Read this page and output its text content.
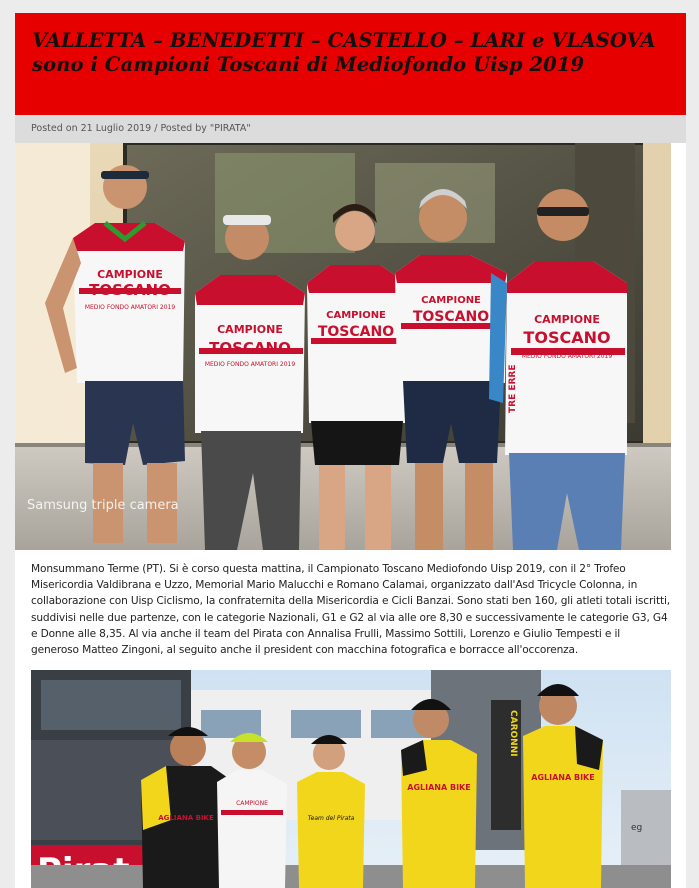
VALLETTA – BENEDETTI – CASTELLO – LARI e VLASOVA sono i Campioni Toscani di Mediofondo Uisp 2019
Posted on 21 Luglio 2019 / Posted by "PIRATA"
CAMPIONE
TOSCANO
MEDIO FONDO AMATORI 2019
CAMPIONE
TOSCANO
MEDIO FONDO AMATORI 2019
CAMPIONE
TOSCANO
CAMPIONE
TOSCANO	CAMPIONE
TOSCANO
MEDIO FONDO AMATORI 2019
TRE ERRE
Samsung triple camera

Monsummano Terme (PT). Si è corso questa mattina, il Campionato Toscano Mediofondo Uisp 2019, con il 2° Trofeo Misericordia Valdibrana e Uzzo, Memorial Mario Malucchi e Romano Calamai, organizzato dall'Asd Tricycle Colonna, in collaborazione con Uisp Ciclismo, la confraternita della Misericordia e Cicli Banzai. Sono stati ben 160, gli atleti totali iscritti, suddivisi nelle due partenze, con le categorie Nazionali, G1 e G2 al via alle ore 8,30 e successivamente le categorie G3, G4 e Donne alle 8,35. Al via anche il team del Pirata con Annalisa Frulli, Massimo Sottili, Lorenzo e Giulio Tempesti e il generoso Matteo Zingoni, al seguito anche il president con macchina fotografica e borracce all'occorenza.

CARONNI
eg
AGLIANA BIKE
CAMPIONE
Team del Pirata
AGLIANA BIKE
AGLIANA BIKE
